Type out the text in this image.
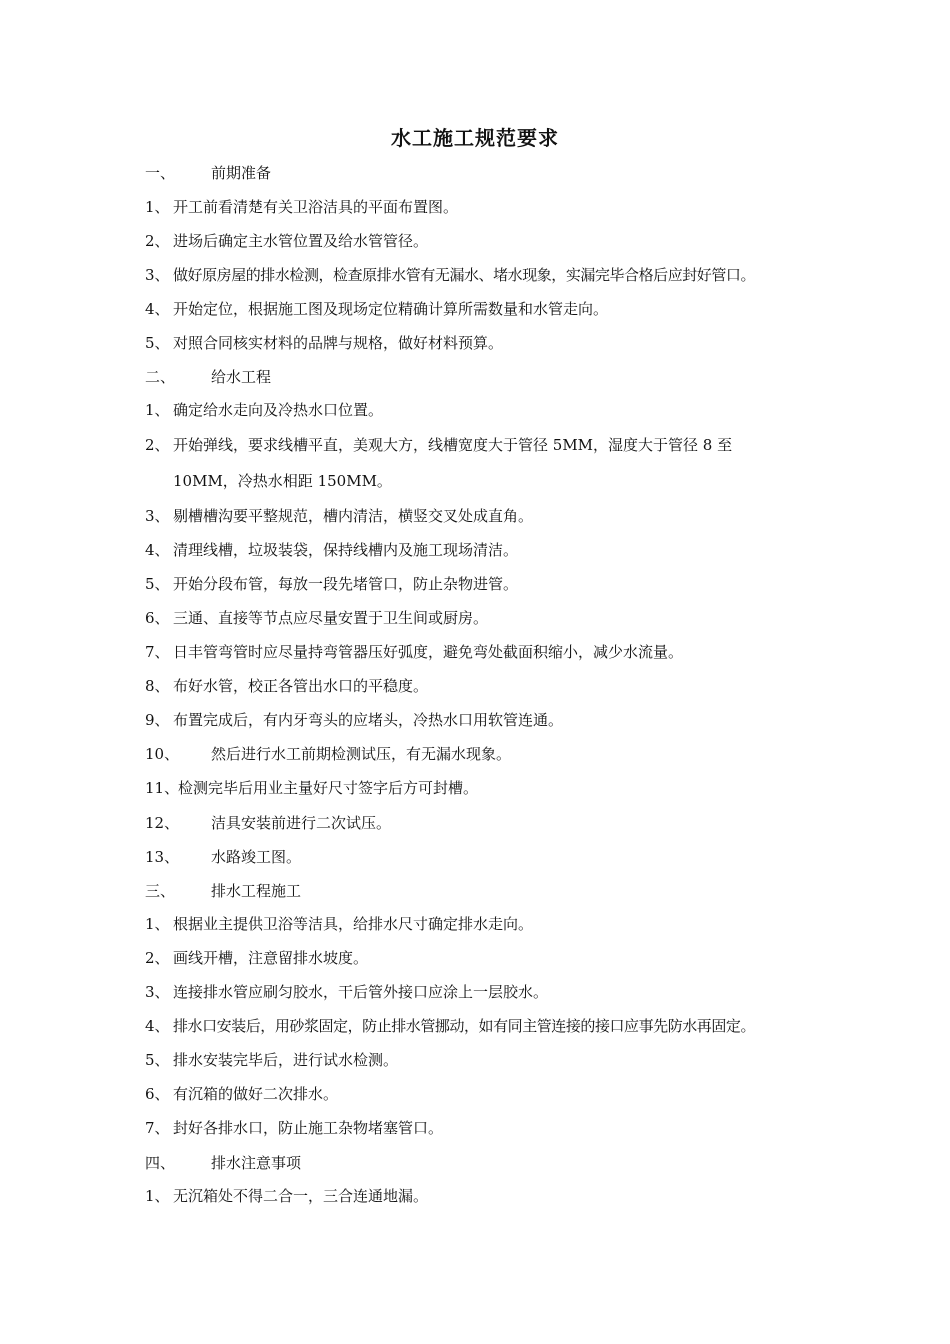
水工施工规范要求
一、 前期准备
1、 开工前看清楚有关卫浴洁具的平面布置图。
2、 进场后确定主水管位置及给水管管径。
3、 做好原房屋的排水检测，检查原排水管有无漏水、堵水现象，实漏完毕合格后应封好管口。
4、 开始定位，根据施工图及现场定位精确计算所需数量和水管走向。
5、 对照合同核实材料的品牌与规格，做好材料预算。
二、 给水工程
1、 确定给水走向及冷热水口位置。
2、 开始弹线，要求线槽平直，美观大方，线槽宽度大于管径 5MM，湿度大于管径 8 至
10MM，冷热水相距 150MM。
3、 剔槽槽沟要平整规范，槽内清洁，横竖交叉处成直角。
4、 清理线槽，垃圾装袋，保持线槽内及施工现场清洁。
5、 开始分段布管，每放一段先堵管口，防止杂物进管。
6、 三通、直接等节点应尽量安置于卫生间或厨房。
7、 日丰管弯管时应尽量持弯管器压好弧度，避免弯处截面积缩小，减少水流量。
8、 布好水管，校正各管出水口的平稳度。
9、 布置完成后，有内牙弯头的应堵头，冷热水口用软管连通。
10、 然后进行水工前期检测试压，有无漏水现象。
11、检测完毕后用业主量好尺寸签字后方可封槽。
12、 洁具安装前进行二次试压。
13、 水路竣工图。
三、 排水工程施工
1、 根据业主提供卫浴等洁具，给排水尺寸确定排水走向。
2、 画线开槽，注意留排水坡度。
3、 连接排水管应刷匀胶水，干后管外接口应涂上一层胶水。
4、 排水口安装后，用砂浆固定，防止排水管挪动，如有同主管连接的接口应事先防水再固定。
5、 排水安装完毕后，进行试水检测。
6、 有沉箱的做好二次排水。
7、 封好各排水口，防止施工杂物堵塞管口。
四、 排水注意事项
1、 无沉箱处不得二合一，三合连通地漏。
